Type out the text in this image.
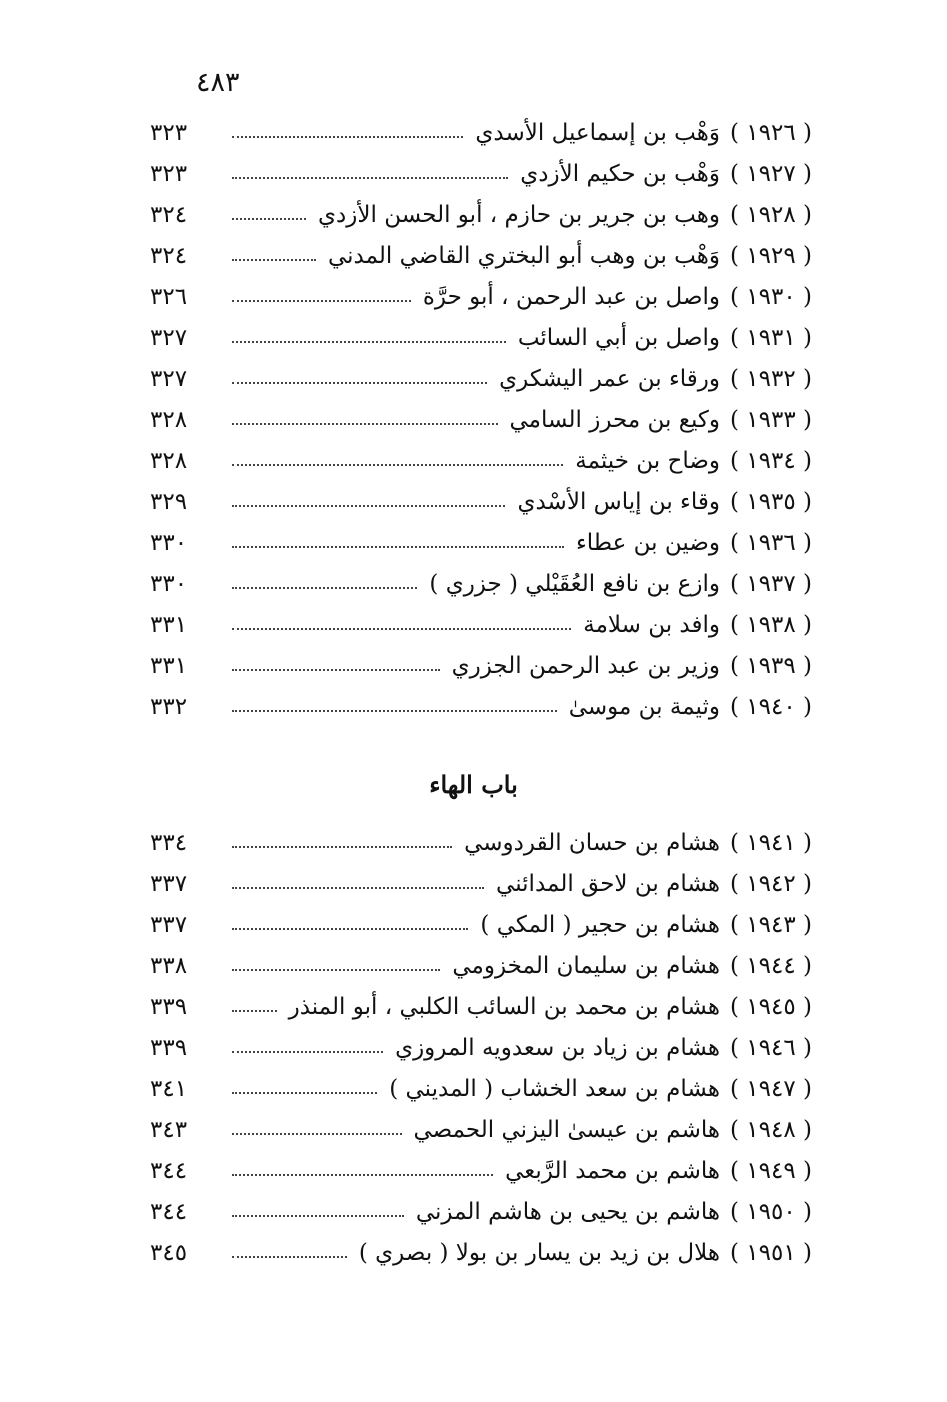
٤٨٣
( ١٩٢٦ )
وَهْب بن إسماعيل الأسدي
٣٢٣
( ١٩٢٧ )
وَهْب بن حكيم الأزدي
٣٢٣
( ١٩٢٨ )
وهب بن جرير بن حازم ، أبو الحسن الأزدي
٣٢٤
( ١٩٢٩ )
وَهْب بن وهب أبو البختري القاضي المدني
٣٢٤
( ١٩٣٠ )
واصل بن عبد الرحمن ، أبو حرَّة
٣٢٦
( ١٩٣١ )
واصل بن أبي السائب
٣٢٧
( ١٩٣٢ )
ورقاء بن عمر اليشكري
٣٢٧
( ١٩٣٣ )
وكيع بن محرز السامي
٣٢٨
( ١٩٣٤ )
وضاح بن خيثمة
٣٢٨
( ١٩٣٥ )
وقاء بن إياس الأسْدي
٣٢٩
( ١٩٣٦ )
وضين بن عطاء
٣٣٠
( ١٩٣٧ )
وازع بن نافع العُقَيْلي ( جزري )
٣٣٠
( ١٩٣٨ )
وافد بن سلامة
٣٣١
( ١٩٣٩ )
وزير بن عبد الرحمن الجزري
٣٣١
( ١٩٤٠ )
وثيمة بن موسىٰ
٣٣٢
باب الهاء
( ١٩٤١ )
هشام بن حسان القردوسي
٣٣٤
( ١٩٤٢ )
هشام بن لاحق المدائني
٣٣٧
( ١٩٤٣ )
هشام بن حجير ( المكي )
٣٣٧
( ١٩٤٤ )
هشام بن سليمان المخزومي
٣٣٨
( ١٩٤٥ )
هشام بن محمد بن السائب الكلبي ، أبو المنذر
٣٣٩
( ١٩٤٦ )
هشام بن زياد بن سعدويه المروزي
٣٣٩
( ١٩٤٧ )
هشام بن سعد الخشاب ( المديني )
٣٤١
( ١٩٤٨ )
هاشم بن عيسىٰ اليزني الحمصي
٣٤٣
( ١٩٤٩ )
هاشم بن محمد الرَّبعي
٣٤٤
( ١٩٥٠ )
هاشم بن يحيى بن هاشم المزني
٣٤٤
( ١٩٥١ )
هلال بن زيد بن يسار بن بولا ( بصري )
٣٤٥
